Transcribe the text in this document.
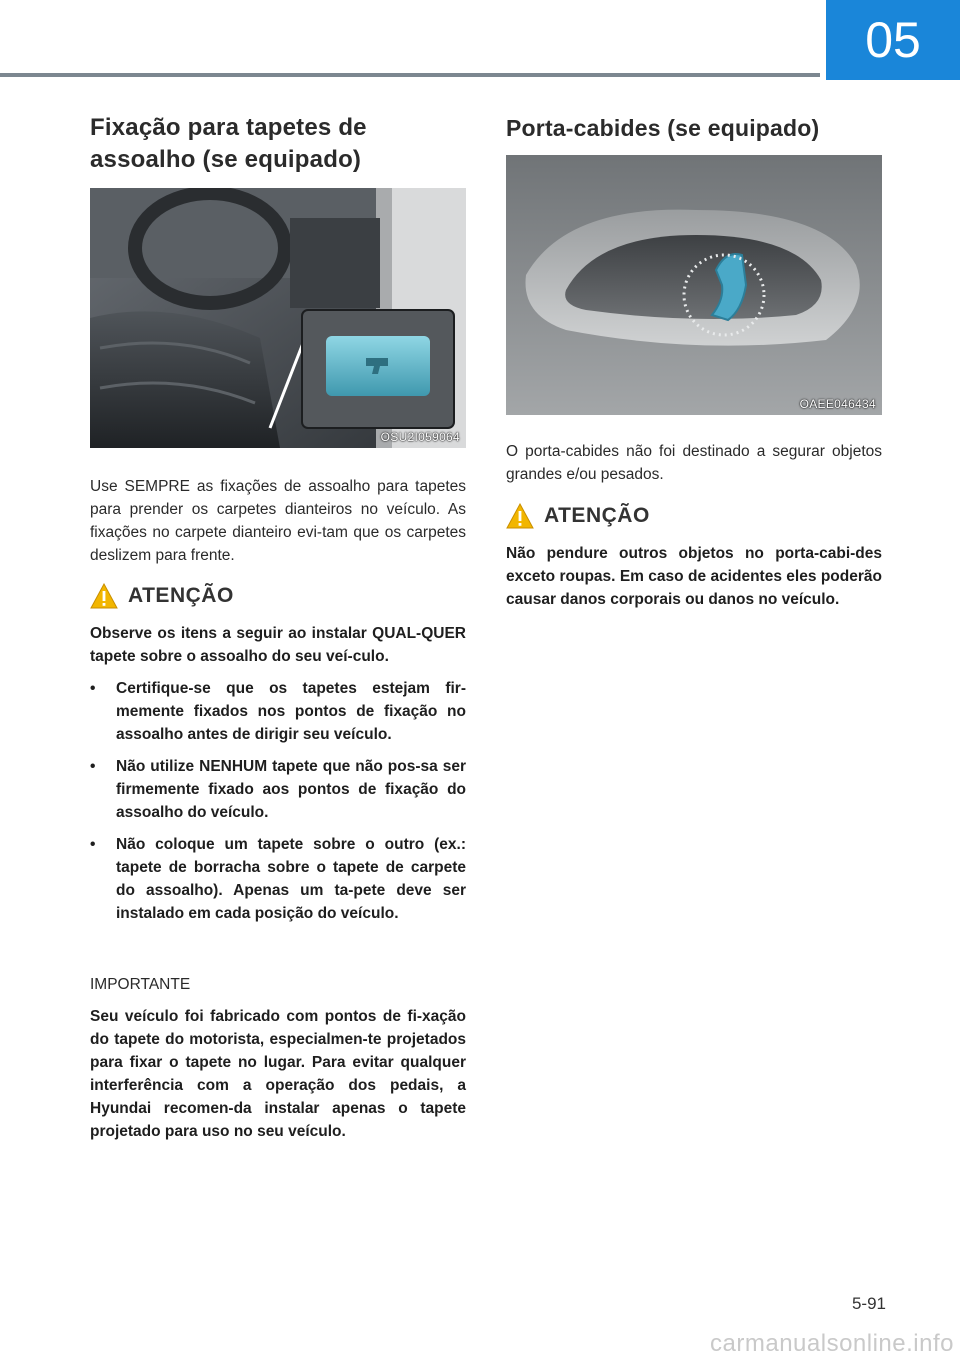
05
Fixação para tapetes de assoalho (se equipado)
OSU2I059064

Use SEMPRE as fixações de assoalho para tapetes para prender os carpetes dianteiros no veículo. As fixações no carpete dianteiro evi-tam que os carpetes deslizem para frente.

ATENÇÃO

Observe os itens a seguir ao instalar QUAL-QUER tapete sobre o assoalho do seu veí-culo.

• Certifique-se que os tapetes estejam fir-memente fixados nos pontos de fixação no assoalho antes de dirigir seu veículo.
• Não utilize NENHUM tapete que não pos-sa ser firmemente fixado aos pontos de fixação do assoalho do veículo.
• Não coloque um tapete sobre o outro (ex.: tapete de borracha sobre o tapete de carpete do assoalho). Apenas um ta-pete deve ser instalado em cada posição do veículo.

IMPORTANTE

Seu veículo foi fabricado com pontos de fi-xação do tapete do motorista, especialmen-te projetados para fixar o tapete no lugar. Para evitar qualquer interferência com a operação dos pedais, a Hyundai recomen-da instalar apenas o tapete projetado para uso no seu veículo.

Porta-cabides (se equipado)
OAEE046434

O porta-cabides não foi destinado a segurar objetos grandes e/ou pesados.

ATENÇÃO

Não pendure outros objetos no porta-cabi-des exceto roupas. Em caso de acidentes eles poderão causar danos corporais ou danos no veículo.

5-91
carmanualsonline.info
